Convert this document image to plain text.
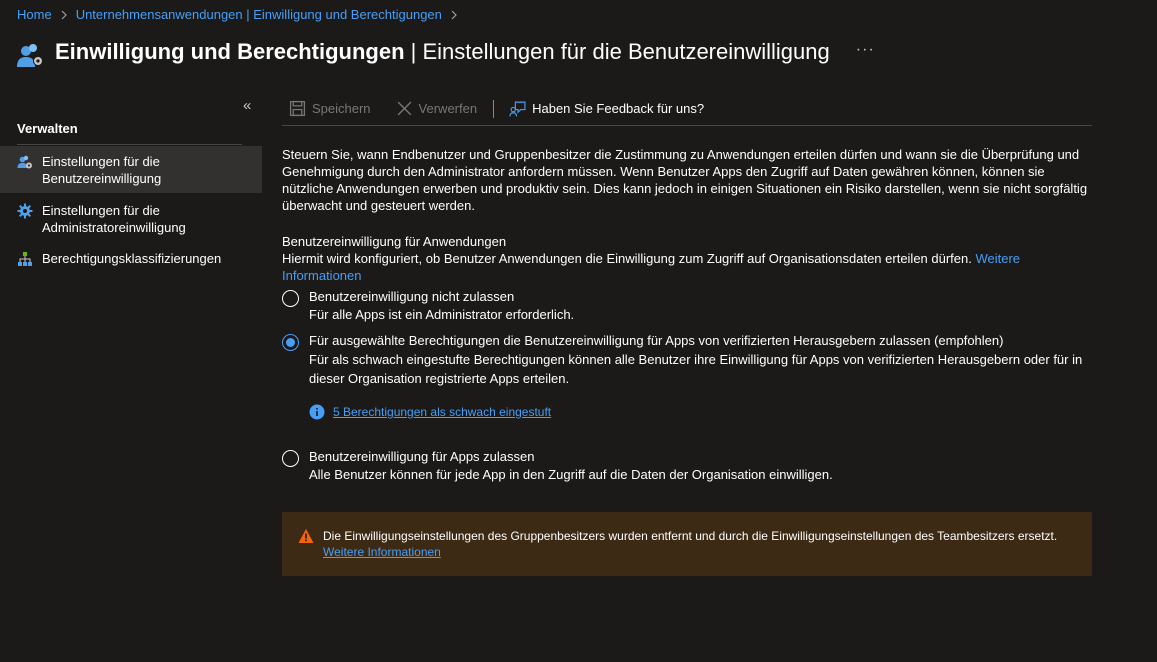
Home Unternehmensanwendungen | Einwilligung und Berechtigungen
Einwilligung und Berechtigungen | Einstellungen für die Benutzereinwilligung ···
«
Verwalten
Einstellungen für die Benutzereinwilligung
Einstellungen für die Administratoreinwilligung
Berechtigungsklassifizierungen
Speichern	Verwerfen	Haben Sie Feedback für uns?

Steuern Sie, wann Endbenutzer und Gruppenbesitzer die Zustimmung zu Anwendungen erteilen dürfen und wann sie die Überprüfung und Genehmigung durch den Administrator anfordern müssen. Wenn Benutzer Apps den Zugriff auf Daten gewähren können, können sie nützliche Anwendungen erwerben und produktiv sein. Dies kann jedoch in einigen Situationen ein Risiko darstellen, wenn sie nicht sorgfältig überwacht und gesteuert werden.

Benutzereinwilligung für Anwendungen

Hiermit wird konfiguriert, ob Benutzer Anwendungen die Einwilligung zum Zugriff auf Organisationsdaten erteilen dürfen. Weitere Informationen

Benutzereinwilligung nicht zulassen
Für alle Apps ist ein Administrator erforderlich.
Für ausgewählte Berechtigungen die Benutzereinwilligung für Apps von verifizierten Herausgebern zulassen (empfohlen)
Für als schwach eingestufte Berechtigungen können alle Benutzer ihre Einwilligung für Apps von verifizierten Herausgebern oder für in dieser Organisation registrierte Apps erteilen.
5 Berechtigungen als schwach eingestuft
Benutzereinwilligung für Apps zulassen
Alle Benutzer können für jede App in den Zugriff auf die Daten der Organisation einwilligen.
Die Einwilligungseinstellungen des Gruppenbesitzers wurden entfernt und durch die Einwilligungseinstellungen des Teambesitzers ersetzt.
Weitere Informationen
